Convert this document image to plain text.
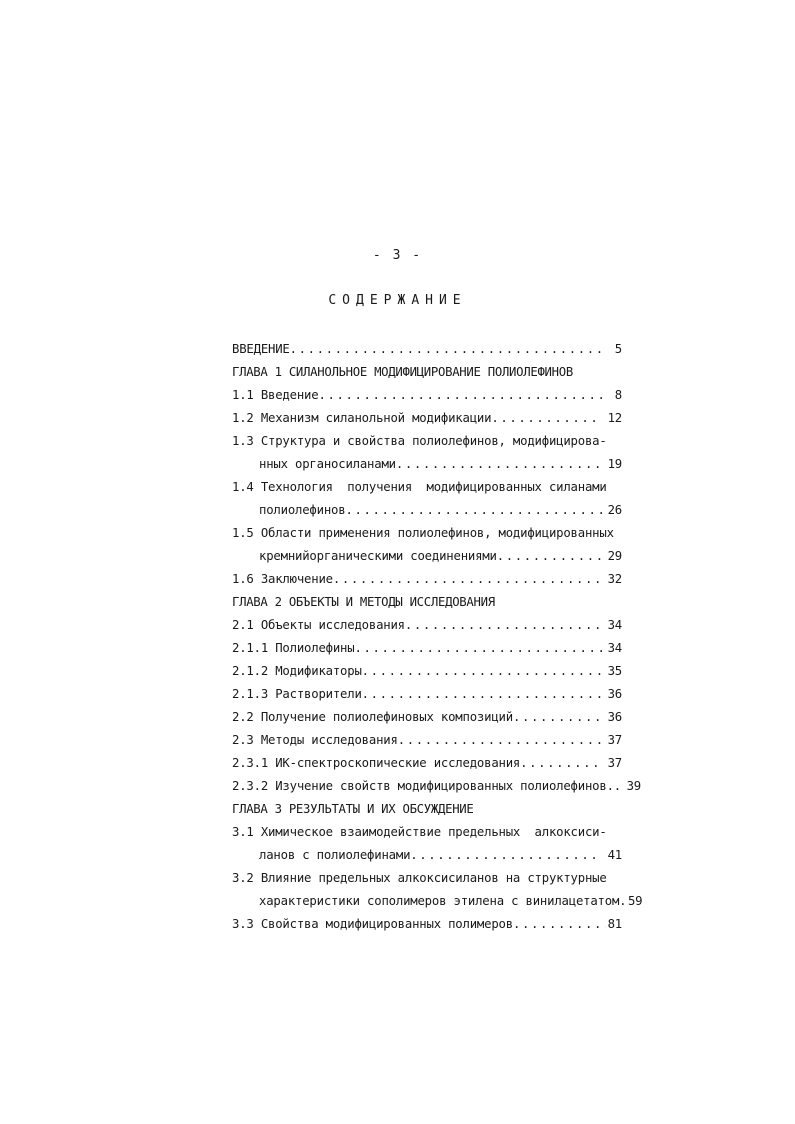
- 3 -
СОДЕРЖАНИЕ
ВВЕДЕНИЕ .....	5
ГЛАВА 1 СИЛАНОЛЬНОЕ МОДИФИЦИРОВАНИЕ ПОЛИОЛЕФИНОВ
1.1 Введение .....	8
1.2 Механизм силанольной модификации .....	12
1.3 Структура и свойства полиолефинов, модифицирова-
нных органосиланами .....	19
1.4 Технология  получения  модифицированных силанами
полиолефинов .....	26
1.5 Области применения полиолефинов, модифицированных
кремнийорганическими соединениями .....	29
1.6 Заключение .....	32
ГЛАВА 2 ОБЪЕКТЫ И МЕТОДЫ ИССЛЕДОВАНИЯ
2.1 Объекты исследования .....	34
2.1.1 Полиолефины .....	34
2.1.2 Модификаторы .....	35
2.1.3 Растворители .....	36
2.2 Получение полиолефиновых композиций .....	36
2.3 Методы исследования .....	37
2.3.1 ИК-спектроскопические исследования .....	37
2.3.2 Изучение свойств модифицированных полиолефинов.. 39
ГЛАВА 3 РЕЗУЛЬТАТЫ И ИХ ОБСУЖДЕНИЕ
3.1 Химическое взаимодействие предельных  алкоксиси-
ланов с полиолефинами .....	41
3.2 Влияние предельных алкоксисиланов на структурные
характеристики сополимеров этилена с винилацетатом. 59
3.3 Свойства модифицированных полимеров .....	81
